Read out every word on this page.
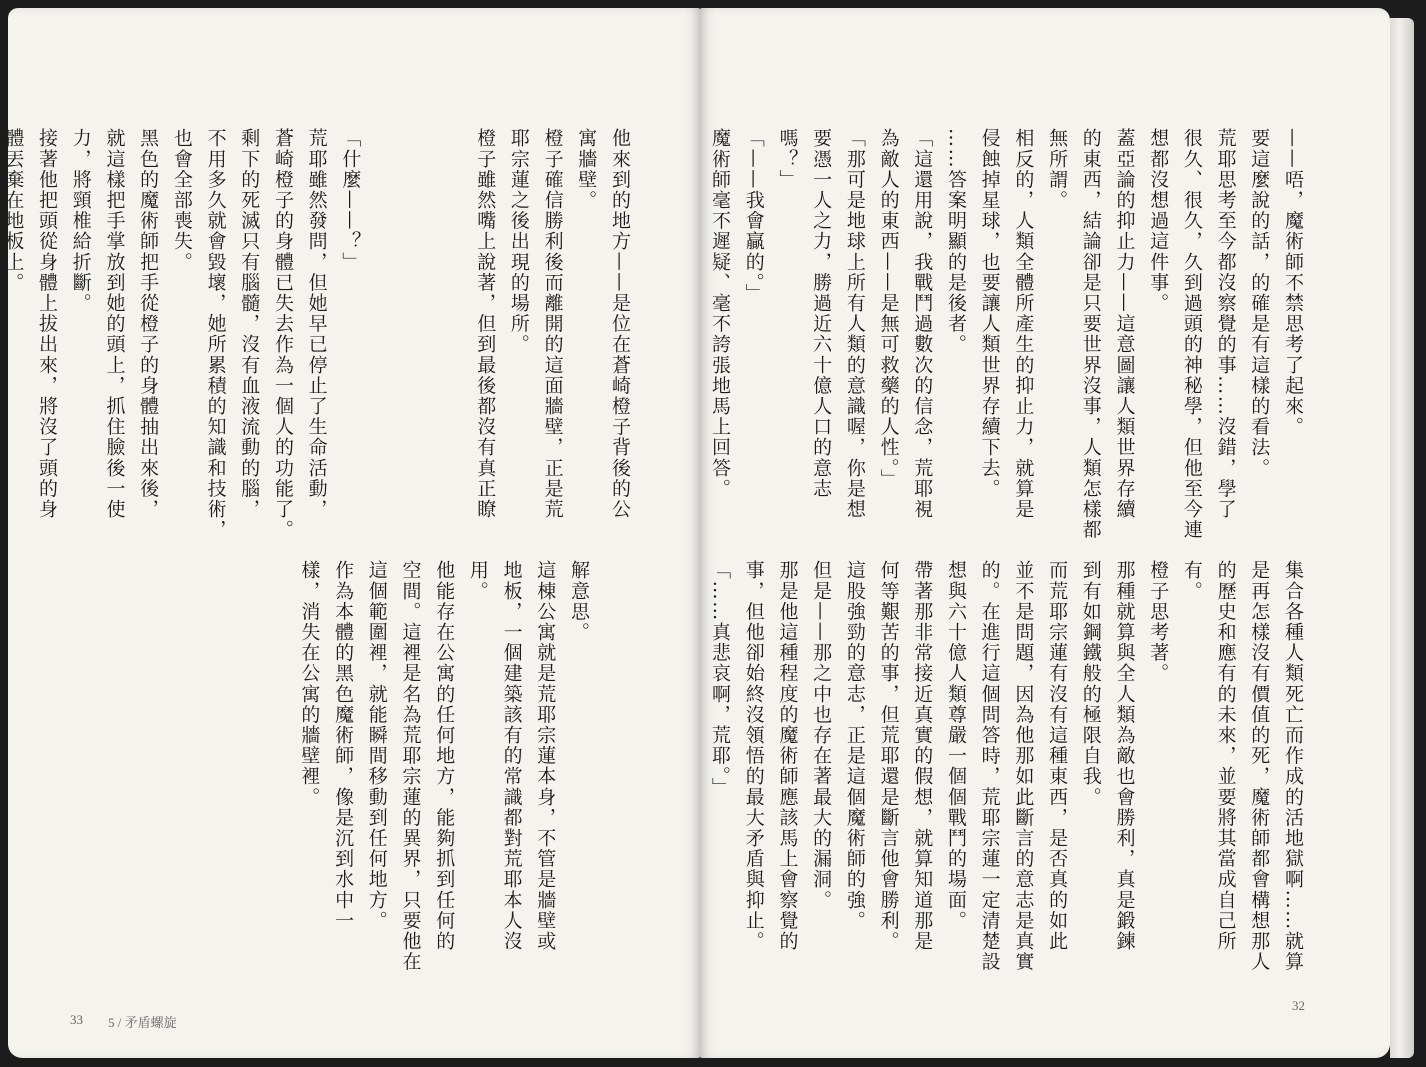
——唔，魔術師不禁思考了起來。
要這麼說的話，的確是有這樣的看法。
荒耶思考至今都沒察覺的事……沒錯，學了
很久、很久，久到過頭的神秘學，但他至今連
想都沒想過這件事。
蓋亞論的抑止力——這意圖讓人類世界存續
的東西，結論卻是只要世界沒事，人類怎樣都
無所謂。
相反的，人類全體所產生的抑止力，就算是
侵蝕掉星球，也要讓人類世界存續下去。
……答案明顯的是後者。
「這還用說，我戰鬥過數次的信念，荒耶視
為敵人的東西——是無可救藥的人性。」
「那可是地球上所有人類的意識喔，你是想
要憑一人之力，勝過近六十億人口的意志
嗎？」
「——我會贏的。」
魔術師毫不遲疑、毫不誇張地馬上回答。
集合各種人類死亡而作成的活地獄啊……就算
是再怎樣沒有價值的死，魔術師都會構想那人
的歷史和應有的未來，並要將其當成自己所
有。
橙子思考著。
那種就算與全人類為敵也會勝利，真是鍛鍊
到有如鋼鐵般的極限自我。
而荒耶宗蓮有沒有這種東西，是否真的如此
並不是問題，因為他那如此斷言的意志是真實
的。在進行這個問答時，荒耶宗蓮一定清楚設
想與六十億人類尊嚴一個個戰鬥的場面。
帶著那非常接近真實的假想，就算知道那是
何等艱苦的事，但荒耶還是斷言他會勝利。
這股強勁的意志，正是這個魔術師的強。
但是——那之中也存在著最大的漏洞。
那是他這種程度的魔術師應該馬上會察覺的
事，但他卻始終沒領悟的最大矛盾與抑止。
「……真悲哀啊，荒耶。」
他來到的地方——是位在蒼崎橙子背後的公
寓牆壁。
橙子確信勝利後而離開的這面牆壁，正是荒
耶宗蓮之後出現的場所。
橙子雖然嘴上說著，但到最後都沒有真正瞭

「什麼——？」
荒耶雖然發問，但她早已停止了生命活動，
蒼崎橙子的身體已失去作為一個人的功能了。
剩下的死滅只有腦髓，沒有血液流動的腦，
不用多久就會毀壞，她所累積的知識和技術，
也會全部喪失。
黑色的魔術師把手從橙子的身體抽出來後，
就這樣把手掌放到她的頭上，抓住臉後一使
力，將頸椎給折斷。
接著他把頭從身體上拔出來，將沒了頭的身
體丟棄在地板上。

解意思。
這棟公寓就是荒耶宗蓮本身，不管是牆壁或
地板，一個建築該有的常識都對荒耶本人沒
用。
他能存在公寓的任何地方，能夠抓到任何的
空間。這裡是名為荒耶宗蓮的異界，只要他在
這個範圍裡，就能瞬間移動到任何地方。
作為本體的黑色魔術師，像是沉到水中一
樣，消失在公寓的牆壁裡。
33 5 / 矛盾螺旋
32
